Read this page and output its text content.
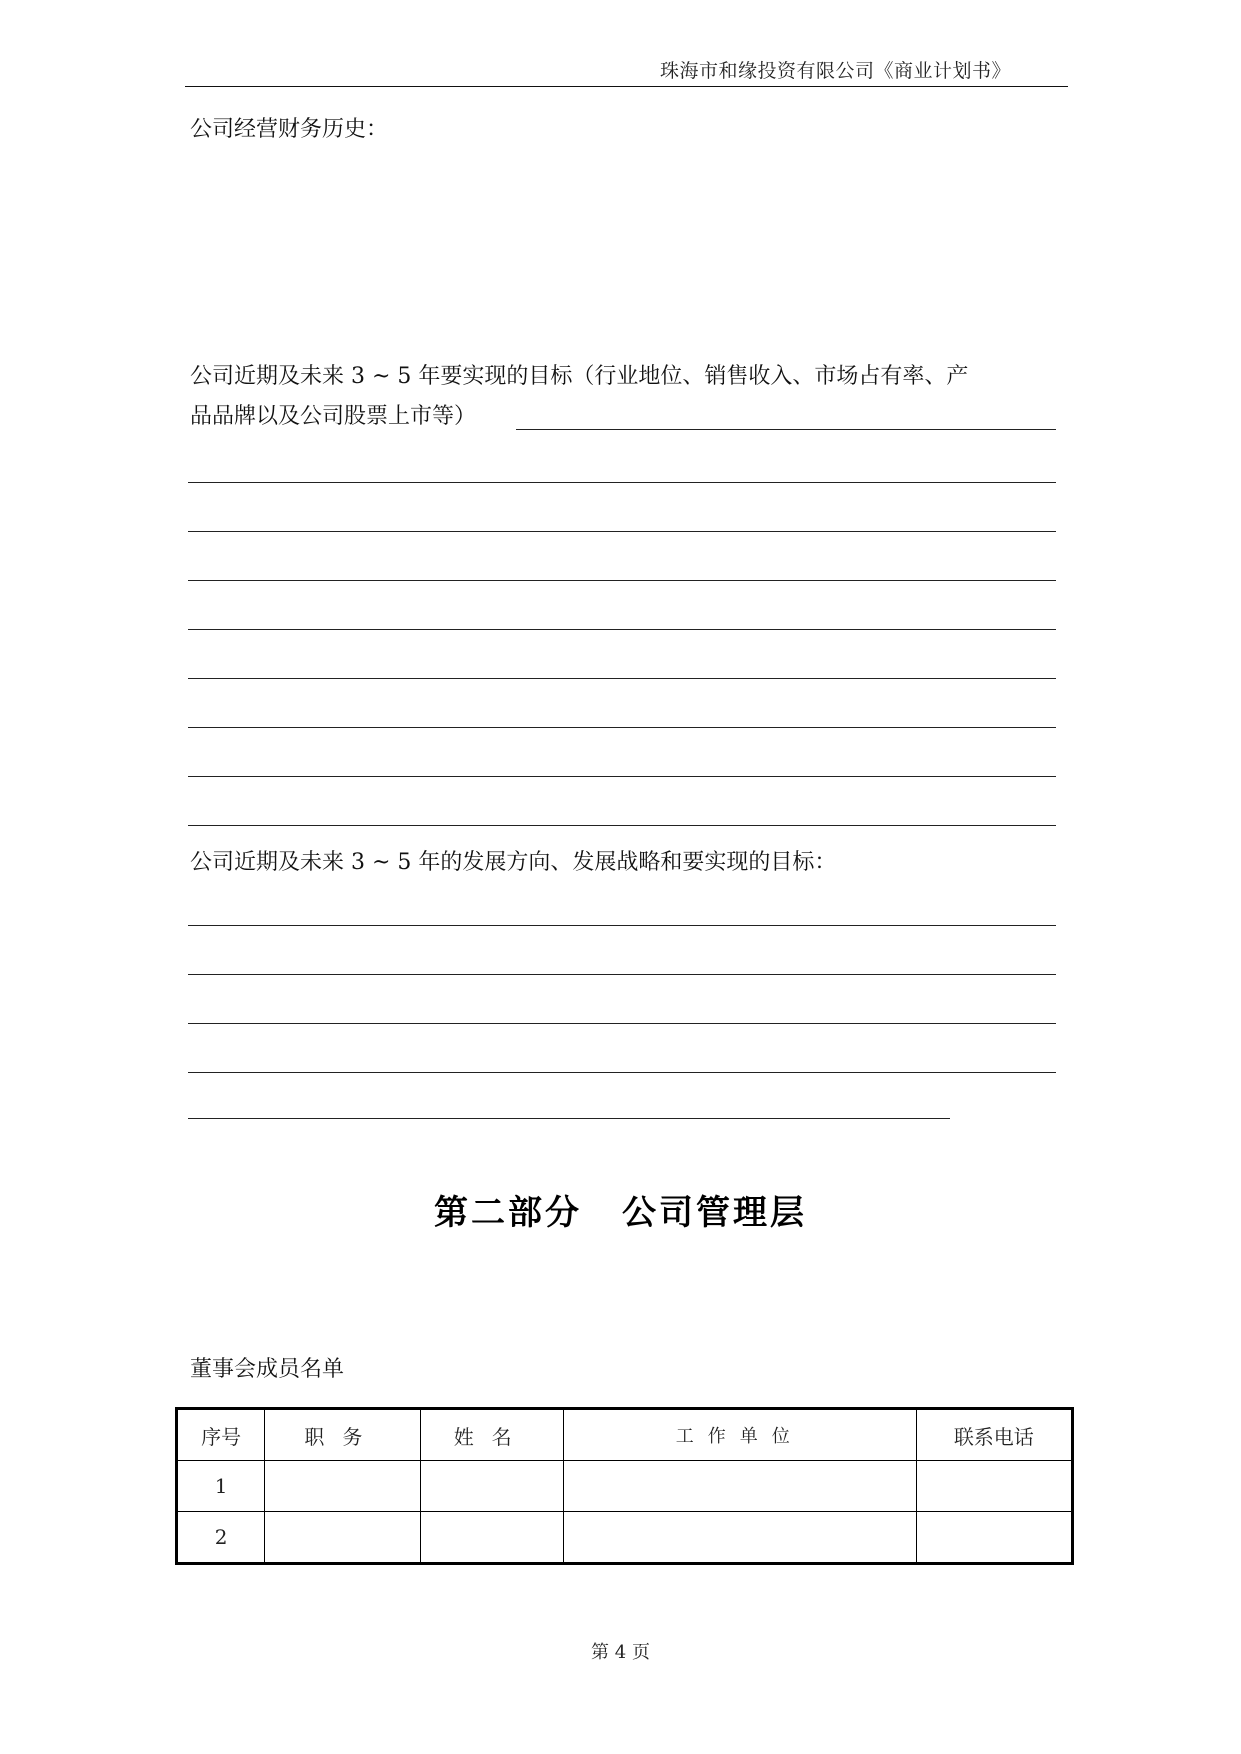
珠海市和缘投资有限公司《商业计划书》
公司经营财务历史：
公司近期及未来 3 ~ 5 年要实现的目标（行业地位、销售收入、市场占有率、产
品品牌以及公司股票上市等）
公司近期及未来 3 ~ 5 年的发展方向、发展战略和要实现的目标：
第二部分 公司管理层
董事会成员名单
序号	职务	姓名	工作单位	联系电话
1				
2				
第 4 页
